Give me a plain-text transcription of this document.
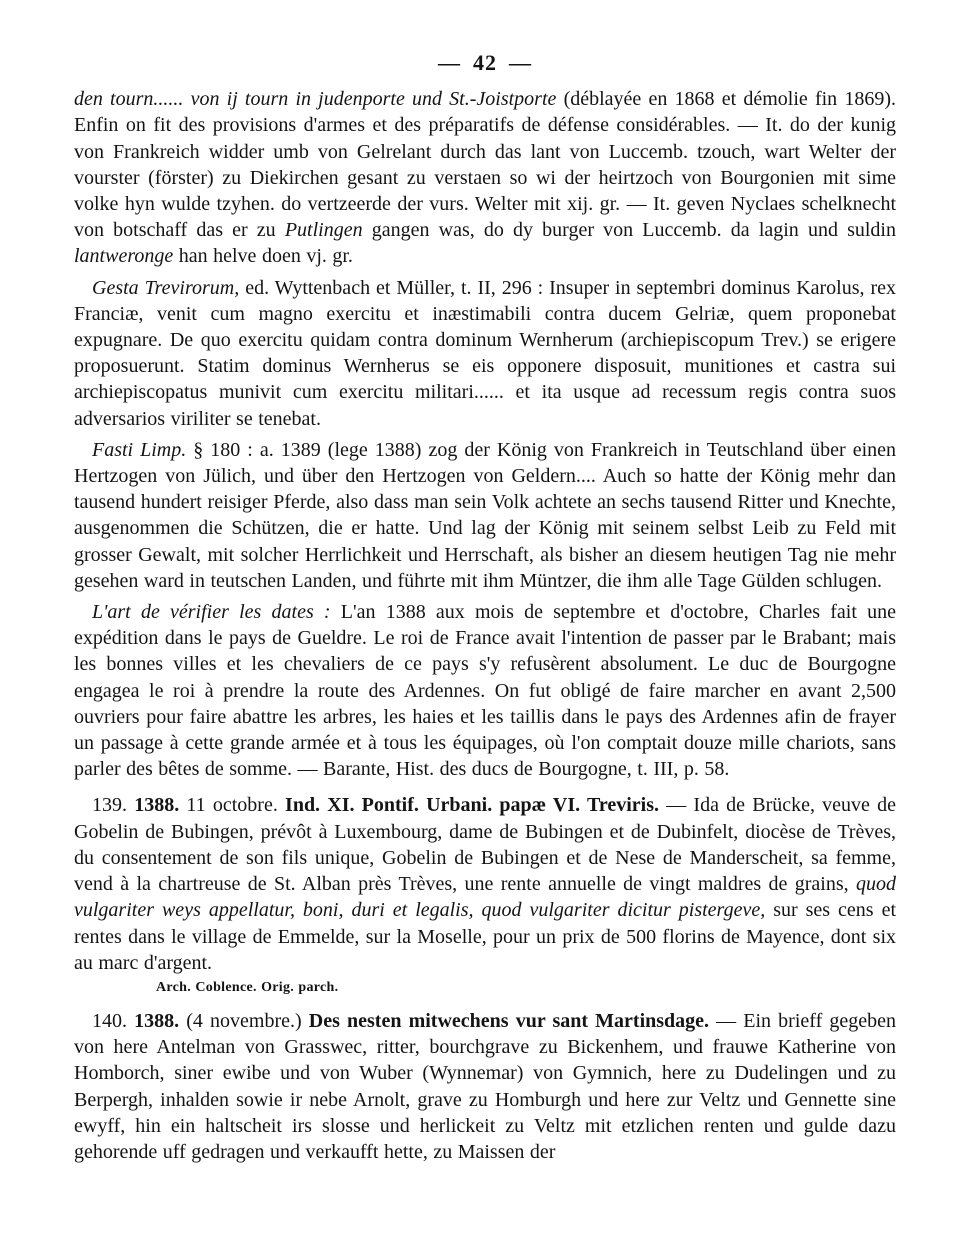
— 42 —

den tourn...... von ij tourn in judenporte und St.-Joistporte (déblayée en 1868 et démolie fin 1869). Enfin on fit des provisions d'armes et des préparatifs de défense considérables. — It. do der kunig von Frankreich widder umb von Gelrelant durch das lant von Luccemb. tzouch, wart Welter der vourster (förster) zu Diekirchen gesant zu verstaen so wi der heirtzoch von Bourgonien mit sime volke hyn wulde tzyhen. do vertzeerde der vurs. Welter mit xij. gr. — It. geven Nyclaes schelknecht von botschaff das er zu Putlingen gangen was, do dy burger von Luccemb. da lagin und suldin lantweronge han helve doen vj. gr.

Gesta Trevirorum, ed. Wyttenbach et Müller, t. II, 296 : Insuper in septembri dominus Karolus, rex Franciæ, venit cum magno exercitu et inæstimabili contra ducem Gelriæ, quem proponebat expugnare. De quo exercitu quidam contra dominum Wernherum (archiepiscopum Trev.) se erigere proposuerunt. Statim dominus Wernherus se eis opponere disposuit, munitiones et castra sui archiepiscopatus munivit cum exercitu militari...... et ita usque ad recessum regis contra suos adversarios viriliter se tenebat.

Fasti Limp. § 180 : a. 1389 (lege 1388) zog der König von Frankreich in Teutschland über einen Hertzogen von Jülich, und über den Hertzogen von Geldern.... Auch so hatte der König mehr dan tausend hundert reisiger Pferde, also dass man sein Volk achtete an sechs tausend Ritter und Knechte, ausgenommen die Schützen, die er hatte. Und lag der König mit seinem selbst Leib zu Feld mit grosser Gewalt, mit solcher Herrlichkeit und Herrschaft, als bisher an diesem heutigen Tag nie mehr gesehen ward in teutschen Landen, und führte mit ihm Müntzer, die ihm alle Tage Gülden schlugen.

L'art de vérifier les dates : L'an 1388 aux mois de septembre et d'octobre, Charles fait une expédition dans le pays de Gueldre. Le roi de France avait l'intention de passer par le Brabant; mais les bonnes villes et les chevaliers de ce pays s'y refusèrent absolument. Le duc de Bourgogne engagea le roi à prendre la route des Ardennes. On fut obligé de faire marcher en avant 2,500 ouvriers pour faire abattre les arbres, les haies et les taillis dans le pays des Ardennes afin de frayer un passage à cette grande armée et à tous les équipages, où l'on comptait douze mille chariots, sans parler des bêtes de somme. — Barante, Hist. des ducs de Bourgogne, t. III, p. 58.

139. 1388. 11 octobre. Ind. XI. Pontif. Urbani. papæ VI. Treviris. — Ida de Brücke, veuve de Gobelin de Bubingen, prévôt à Luxembourg, dame de Bubingen et de Dubinfelt, diocèse de Trèves, du consentement de son fils unique, Gobelin de Bubingen et de Nese de Manderscheit, sa femme, vend à la chartreuse de St. Alban près Trèves, une rente annuelle de vingt maldres de grains, quod vulgariter weys appellatur, boni, duri et legalis, quod vulgariter dicitur pistergeve, sur ses cens et rentes dans le village de Emmelde, sur la Moselle, pour un prix de 500 florins de Mayence, dont six au marc d'argent.

Arch. Coblence. Orig. parch.

140. 1388. (4 novembre.) Des nesten mitwechens vur sant Martinsdage. — Ein brieff gegeben von here Antelman von Grasswec, ritter, bourchgrave zu Bickenhem, und frauwe Katherine von Homborch, siner ewibe und von Wuber (Wynnemar) von Gymnich, here zu Dudelingen und zu Berpergh, inhalden sowie ir nebe Arnolt, grave zu Homburgh und here zur Veltz und Gennette sine ewyff, hin ein haltscheit irs slosse und herlickeit zu Veltz mit etzlichen renten und gulde dazu gehorende uff gedragen und verkaufft hette, zu Maissen der
